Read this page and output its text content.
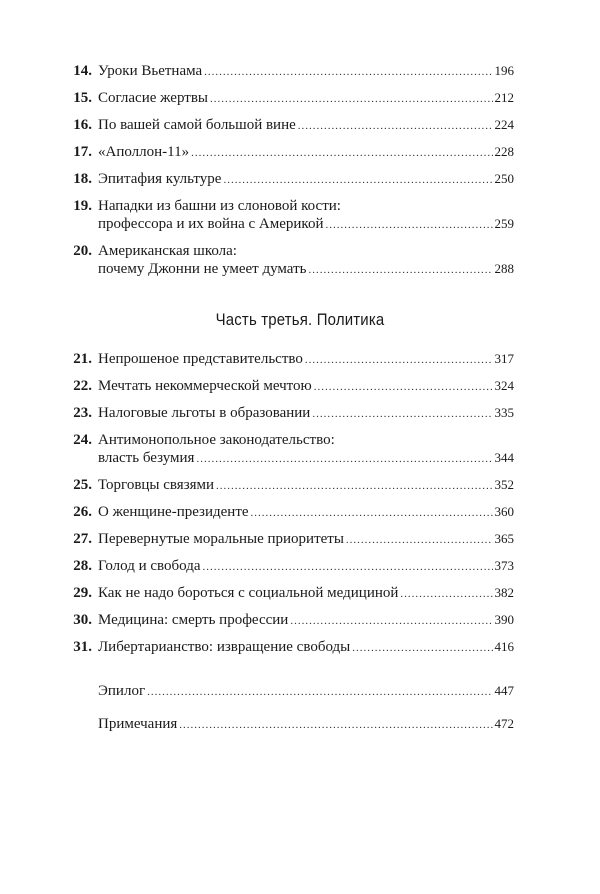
14. Уроки Вьетнама .....	196
15. Согласие жертвы .....	212
16. По вашей самой большой вине .....	224
17. «Аполлон-11» .....	228
18. Эпитафия культуре .....	250
19. Нападки из башни из слоновой кости:
профессора и их война с Америкой .....	259
20. Американская школа:
почему Джонни не умеет думать .....	288
Часть третья. Политика
21. Непрошеное представительство .....	317
22. Мечтать некоммерческой мечтою .....	324
23. Налоговые льготы в образовании .....	335
24. Антимонопольное законодательство:
власть безумия .....	344
25. Торговцы связями .....	352
26. О женщине-президенте .....	360
27. Перевернутые моральные приоритеты .....	365
28. Голод и свобода .....	373
29. Как не надо бороться с социальной медициной .....	382
30. Медицина: смерть профессии .....	390
31. Либертарианство: извращение свободы .....	416
Эпилог .....	447
Примечания .....	472
